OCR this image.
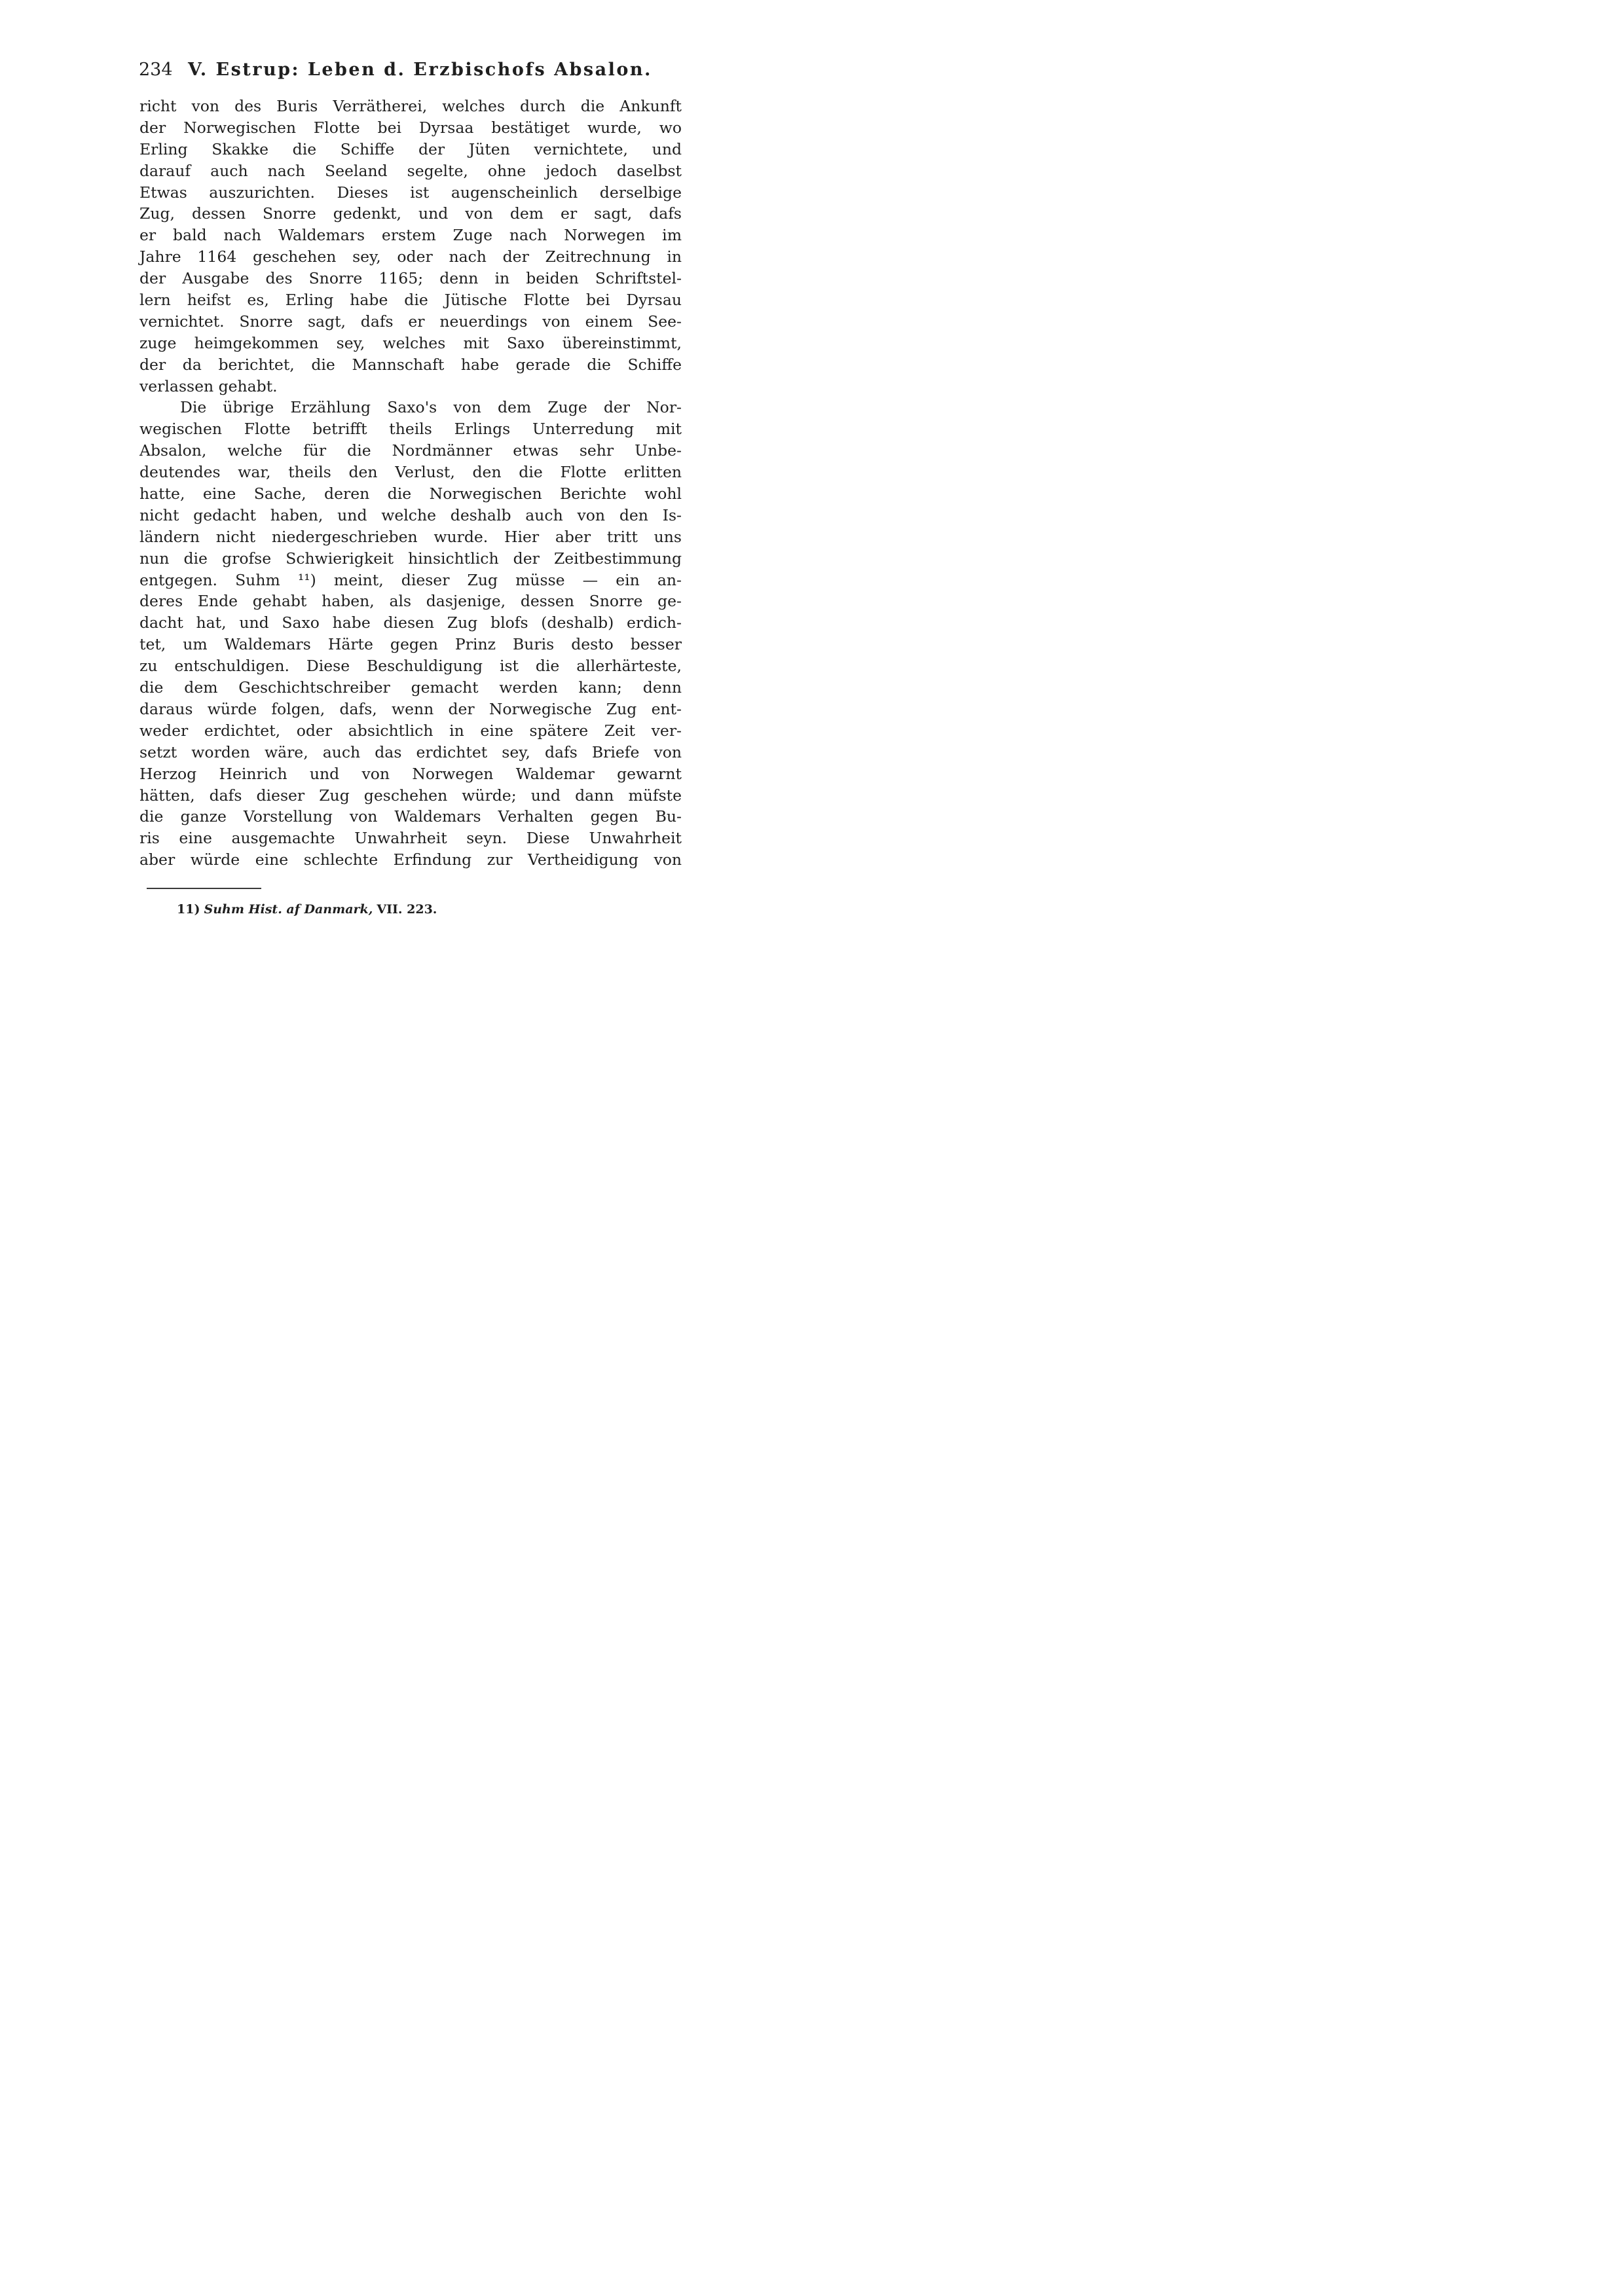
234 V. Estrup: Leben d. Erzbischofs Absalon.
richt von des Buris Verrätherei, welches durch die Ankunft
der Norwegischen Flotte bei Dyrsaa bestätiget wurde, wo
Erling Skakke die Schiffe der Jüten vernichtete, und
darauf auch nach Seeland segelte, ohne jedoch daselbst
Etwas auszurichten. Dieses ist augenscheinlich derselbige
Zug, dessen Snorre gedenkt, und von dem er sagt, dafs
er bald nach Waldemars erstem Zuge nach Norwegen im
Jahre 1164 geschehen sey, oder nach der Zeitrechnung in
der Ausgabe des Snorre 1165; denn in beiden Schriftstel-
lern heifst es, Erling habe die Jütische Flotte bei Dyrsau
vernichtet. Snorre sagt, dafs er neuerdings von einem See-
zuge heimgekommen sey, welches mit Saxo übereinstimmt,
der da berichtet, die Mannschaft habe gerade die Schiffe
verlassen gehabt.
Die übrige Erzählung Saxo's von dem Zuge der Nor-
wegischen Flotte betrifft theils Erlings Unterredung mit
Absalon, welche für die Nordmänner etwas sehr Unbe-
deutendes war, theils den Verlust, den die Flotte erlitten
hatte, eine Sache, deren die Norwegischen Berichte wohl
nicht gedacht haben, und welche deshalb auch von den Is-
ländern nicht niedergeschrieben wurde. Hier aber tritt uns
nun die grofse Schwierigkeit hinsichtlich der Zeitbestimmung
entgegen. Suhm ¹¹) meint, dieser Zug müsse — ein an-
deres Ende gehabt haben, als dasjenige, dessen Snorre ge-
dacht hat, und Saxo habe diesen Zug blofs (deshalb) erdich-
tet, um Waldemars Härte gegen Prinz Buris desto besser
zu entschuldigen. Diese Beschuldigung ist die allerhärteste,
die dem Geschichtschreiber gemacht werden kann; denn
daraus würde folgen, dafs, wenn der Norwegische Zug ent-
weder erdichtet, oder absichtlich in eine spätere Zeit ver-
setzt worden wäre, auch das erdichtet sey, dafs Briefe von
Herzog Heinrich und von Norwegen Waldemar gewarnt
hätten, dafs dieser Zug geschehen würde; und dann müfste
die ganze Vorstellung von Waldemars Verhalten gegen Bu-
ris eine ausgemachte Unwahrheit seyn. Diese Unwahrheit
aber würde eine schlechte Erfindung zur Vertheidigung von
11) Suhm Hist. af Danmark, VII. 223.
